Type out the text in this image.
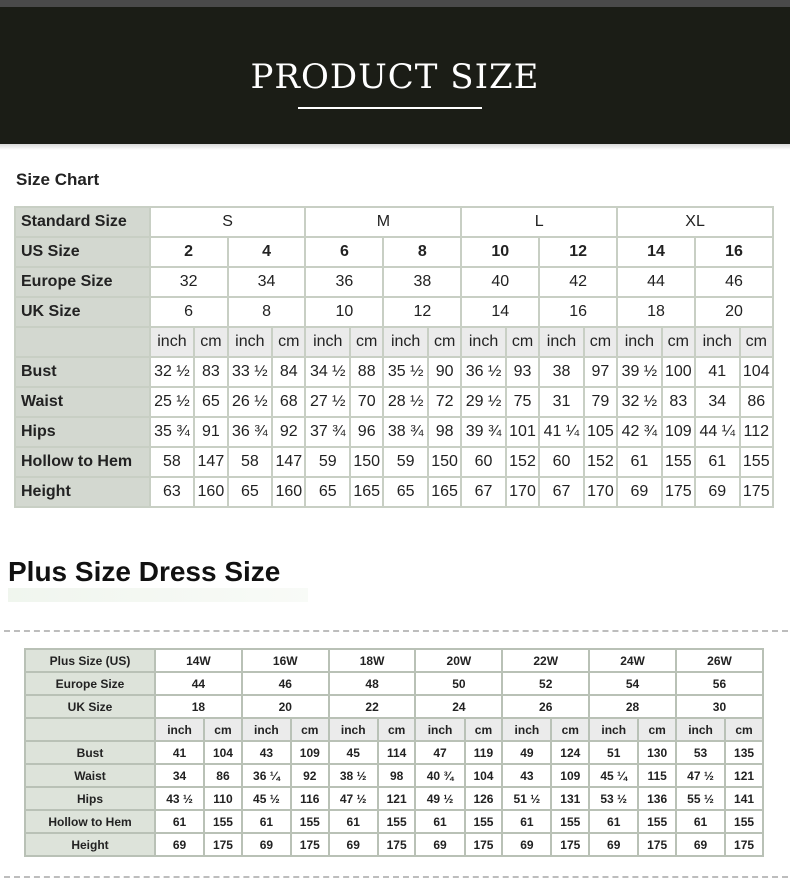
PRODUCT SIZE
Size Chart
Standard Size	S				M				L				XL			
US Size	2		4		6		8		10		12		14		16	
Europe Size	32		34		36		38		40		42		44		46	
UK Size	6		8		10		12		14		16		18		20	
	inch	cm	inch	cm	inch	cm	inch	cm	inch	cm	inch	cm	inch	cm	inch	cm
Bust	32 ½	83	33 ½	84	34 ½	88	35 ½	90	36 ½	93	38	97	39 ½	100	41	104
Waist	25 ½	65	26 ½	68	27 ½	70	28 ½	72	29 ½	75	31	79	32 ½	83	34	86
Hips	35 ¾	91	36 ¾	92	37 ¾	96	38 ¾	98	39 ¾	101	41 ¼	105	42 ¾	109	44 ¼	112
Hollow to Hem	58	147	58	147	59	150	59	150	60	152	60	152	61	155	61	155
Height	63	160	65	160	65	165	65	165	67	170	67	170	69	175	69	175
Plus Size Dress Size
Plus Size (US)	14W		16W		18W		20W		22W		24W		26W	
Europe Size	44		46		48		50		52		54		56	
UK Size	18		20		22		24		26		28		30	
	inch	cm	inch	cm	inch	cm	inch	cm	inch	cm	inch	cm	inch	cm
Bust	41	104	43	109	45	114	47	119	49	124	51	130	53	135
Waist	34	86	36 ¼	92	38 ½	98	40 ¾	104	43	109	45 ¼	115	47 ½	121
Hips	43 ½	110	45 ½	116	47 ½	121	49 ½	126	51 ½	131	53 ½	136	55 ½	141
Hollow to Hem	61	155	61	155	61	155	61	155	61	155	61	155	61	155
Height	69	175	69	175	69	175	69	175	69	175	69	175	69	175
